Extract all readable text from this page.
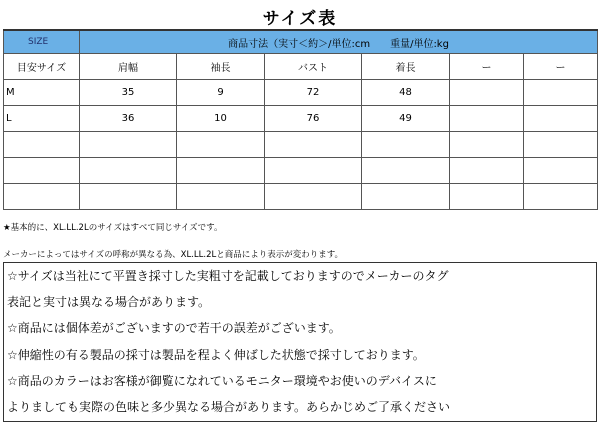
サイズ表
SIZE	商品寸法（実寸＜約＞/単位:cm　　重量/単位:kg					
目安サイズ	肩幅	袖長	バスト	着長	ー	ー
M	35	9	72	48		
L	36	10	76	49		

★基本的に、XL.LL.2Lのサイズはすべて同じサイズです。
メーカーによってはサイズの呼称が異なる為、XL.LL.2Lと商品により表示が変わります。
☆サイズは当社にて平置き採寸した実粗寸を記載しておりますのでメーカーのタグ
表記と実寸は異なる場合があります。
☆商品には個体差がございますので若干の誤差がございます。
☆伸縮性の有る製品の採寸は製品を程よく伸ばした状態で採寸しております。
☆商品のカラーはお客様が御覧になれているモニター環境やお使いのデバイスに
よりましても実際の色味と多少異なる場合があります。あらかじめご了承ください
